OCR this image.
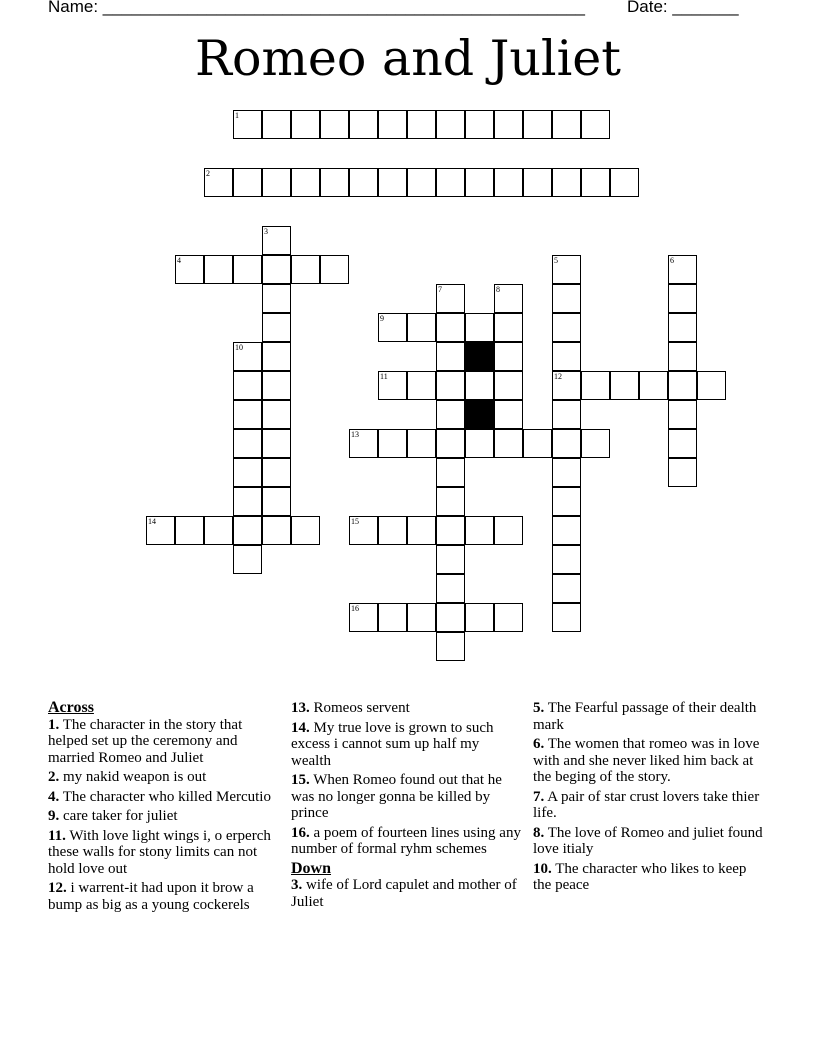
Name: ___________________________________________________ Date: _______
Romeo and Juliet
1
2
3
4	5	6
7	8
9
10
11	12
13
14	15
16
Across
1. The character in the story that helped set up the ceremony and married Romeo and Juliet
2. my nakid weapon is out
4. The character who killed Mercutio
9. care taker for juliet
11. With love light wings i, o erperch these walls for stony limits can not hold love out
12. i warrent-it had upon it brow a bump as big as a young cockerels
13. Romeos servent
14. My true love is grown to such excess i cannot sum up half my wealth
15. When Romeo found out that he was no longer gonna be killed by prince
16. a poem of fourteen lines using any number of formal ryhm schemes
Down
3. wife of Lord capulet and mother of Juliet
5. The Fearful passage of their dealth mark
6. The women that romeo was in love with and she never liked him back at the beging of the story.
7. A pair of star crust lovers take thier life.
8. The love of Romeo and juliet found love itialy
10. The character who likes to keep the peace
